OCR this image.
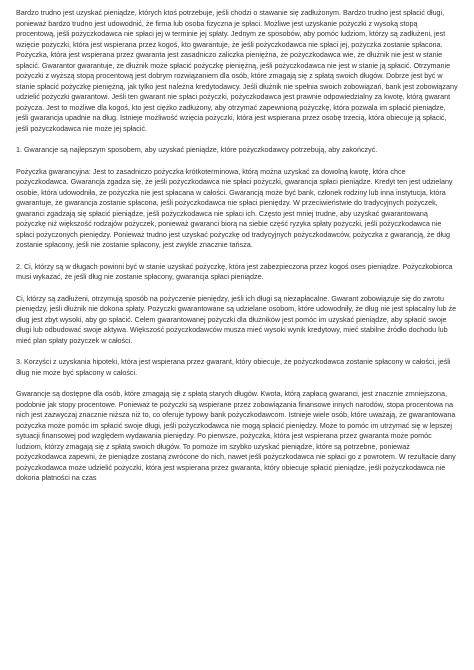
Bardzo trudno jest uzyskać pieniądze, których ktoś potrzebuje, jeśli chodzi o stawanie się zadłużonym. Bardzo trudno jest spłacić długi, ponieważ bardzo trudno jest udowodnić, że firma lub osoba fizyczna je spłaci. Możliwe jest uzyskanie pożyczki z wysoką stopą procentową, jeśli pożyczkodawca nie spłaci jej w terminie jej spłaty. Jednym ze sposobów, aby pomóc ludziom, którzy są zadłużeni, jest wzięcie pożyczki, która jest wspierana przez kogoś, kto gwarantuje, że jeśli pożyczkodawca nie spłaci jej, pożyczka zostanie spłacona. Pożyczka, która jest wspierana przez gwaranta jest zasadniczo zaliczka pieniężna, że pożyczkodawca wie, że dłużnik nie jest w stanie spłacić. Gwarantor gwarantuje, że dłużnik może spłacić pożyczkę pieniężną, jeśli pożyczkodawca nie jest w stanie ją spłacić. Otrzymanie pożyczki z wyższą stopą procentową jest dobrym rozwiązaniem dla osób, które zmagają się z spłatą swoich długów. Dobrze jest być w stanie spłacić pożyczkę pieniężną, jak tylko jest należna kredytodawcy. Jeśli dłużnik nie spełnia swoich zobowiązań, bank jest zobowiązany udzielić pożyczki gwarantowi. Jeśli ten gwarant nie spłaci pożyczki, pożyczkodawca jest prawnie odpowiedzialny za kwotę, którą gwarant pożycza. Jest to możliwe dla kogoś, kto jest ciężko zadłużony, aby otrzymać zapewnioną pożyczkę, która pozwala im spłacić pieniądze, jeśli gwarancja upadnie na dług. Istnieje możliwość wzięcia pożyczki, która jest wspierana przez osobę trzecią, która obiecuje ją spłacić, jeśli pożyczkodawca nie może jej spłacić.

1. Gwarancje są najlepszym sposobem, aby uzyskać pieniądze, które pożyczkodawcy potrzebują, aby zakończyć.

Pożyczka gwarancyjna: Jest to zasadniczo pożyczka krótkoterminowa, którą można uzyskać za dowolną kwotę, która chce pożyczkodawca. Gwarancja zgadza się, że jeśli pożyczkodawca nie spłaci pożyczki, gwarancja spłaci pieniądze. Kredyt ten jest udzielany osobie, która udowodniła, że pożyczka nie jest spłacana w całości. Gwarancją może być bank, członek rodziny lub inna instytucja, która gwarantuje, że gwarancja zostanie spłacona, jeśli pożyczkodawca nie spłaci pieniędzy. W przeciwieństwie do tradycyjnych pożyczek, gwaranci zgadzają się spłacić pieniądze, jeśli pożyczkodawca nie spłaci ich. Często jest mniej trudne, aby uzyskać gwarantowaną pożyczkę niż większość rodzajów pożyczek, ponieważ gwaranci biorą na siebie część ryzyka spłaty pożyczki, jeśli pożyczkodawca nie spłaci pożyczonych pieniędzy. Ponieważ trudno jest uzyskać pożyczkę od tradycyjnych pożyczkodawców, pożyczka z gwarancją, że dług zostanie spłacony, jeśli nie zostanie spłacony, jest zwykle znacznie tańsza.

2. Ci, którzy są w długach powinni być w stanie uzyskać pożyczkę, która jest zabezpieczona przez kogoś oses pieniądze. Pożyczkobiorca musi wykazać, że jeśli dług nie zostanie spłacony, gwarancja spłaci pieniądze.

Ci, którzy są zadłużeni, otrzymują sposób na pożyczenie pieniędzy, jeśli ich długi są niezapłacalne. Gwarant zobowiązuje się do zwrotu pieniędzy, jeśli dłużnik nie dokona spłaty. Pożyczki gwarantowane są udzielane osobom, które udowodniły, że dług nie jest spłacalny lub że dług jest zbyt wysoki, aby go spłacić. Celem gwarantowanej pożyczki dla dłużników jest pomóc im uzyskać pieniądze, aby spłacić swoje długi lub odbudować swoje aktywa. Większość pożyczkodawców musza mieć wysoki wynik kredytowy, mieć stabilne źródło dochodu lub mieć plan spłaty pożyczek w całości.

3. Korzyści z uzyskania hipoteki, która jest wspierana przez gwarant, który obiecuje, że pożyczkodawca zostanie spłacony w całości, jeśli dług nie może być spłacony w całości.

Gwarancje są dostępne dla osób, które zmagają się z spłatą starych długów. Kwota, którą zapłacą gwaranci, jest znacznie zmniejszona, podobnie jak stopy procentowe. Ponieważ te pożyczki są wspierane przez zobowiązania finansowe innych narodów, stopa procentowa na nich jest zazwyczaj znacznie niższa niż to, co oferuje typowy bank pożyczkodawcom. Istnieje wiele osób, które uważają, że gwarantowana pożyczka może pomóc im spłacić swoje długi, jeśli pożyczkodawca nie mogą spłacić pieniędzy. Może to pomóc im utrzymać się w lepszej sytuacji finansowej pod względem wydawania pieniędzy. Po pierwsze, pożyczka, która jest wspierana przez gwaranta może pomóc ludziom, którzy zmagają się z spłatą swoich długów. To pomoże im szybko uzyskać pieniądze, które są potrzebne, ponieważ pożyczkodawca zapewni, że pieniądze zostaną zwrócone do nich, nawet jeśli pożyczkodawca nie spłaci go z powrotem. W rezultacie dany pożyczkodawca może udzielić pożyczki, która jest wspierana przez gwaranta, który obiecuje spłacić pieniądze, jeśli pożyczkodawca nie dokona płatności na czas
